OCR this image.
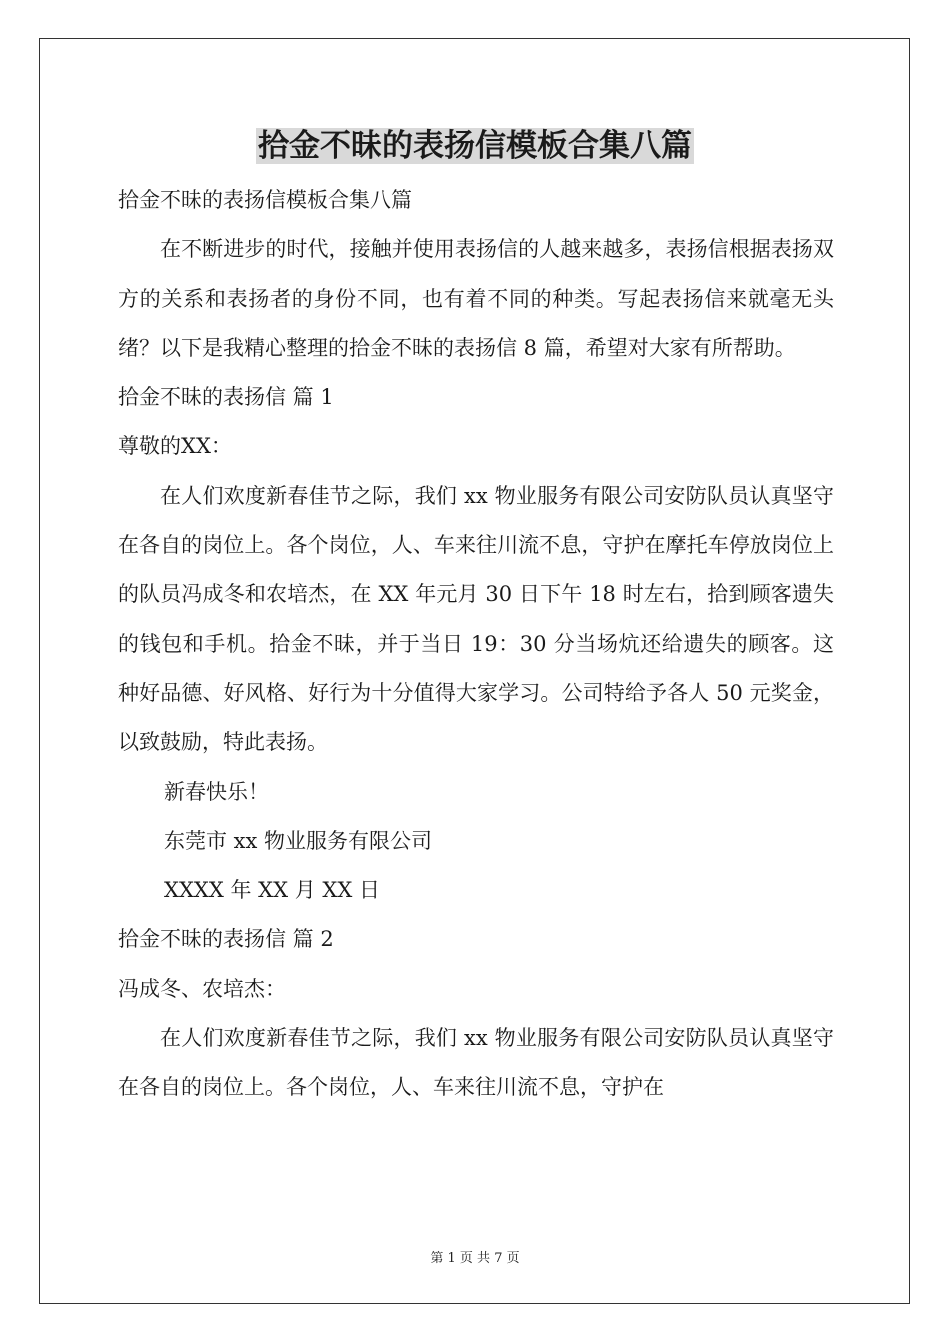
拾金不昧的表扬信模板合集八篇

拾金不昧的表扬信模板合集八篇

在不断进步的时代，接触并使用表扬信的人越来越多，表扬信根据表扬双方的关系和表扬者的身份不同，也有着不同的种类。写起表扬信来就毫无头绪？以下是我精心整理的拾金不昧的表扬信 8 篇，希望对大家有所帮助。

拾金不昧的表扬信 篇 1

尊敬的XX：

在人们欢度新春佳节之际，我们 xx 物业服务有限公司安防队员认真坚守在各自的岗位上。各个岗位，人、车来往川流不息，守护在摩托车停放岗位上的队员冯成冬和农培杰，在 XX 年元月 30 日下午 18 时左右，拾到顾客遗失的钱包和手机。拾金不昧，并于当日 19：30 分当场炕还给遗失的顾客。这种好品德、好风格、好行为十分值得大家学习。公司特给予各人 50 元奖金，以致鼓励，特此表扬。

新春快乐！

东莞市 xx 物业服务有限公司

XXXX 年 XX 月 XX 日

拾金不昧的表扬信 篇 2

冯成冬、农培杰：

在人们欢度新春佳节之际，我们 xx 物业服务有限公司安防队员认真坚守在各自的岗位上。各个岗位，人、车来往川流不息，守护在

第 1 页 共 7 页
